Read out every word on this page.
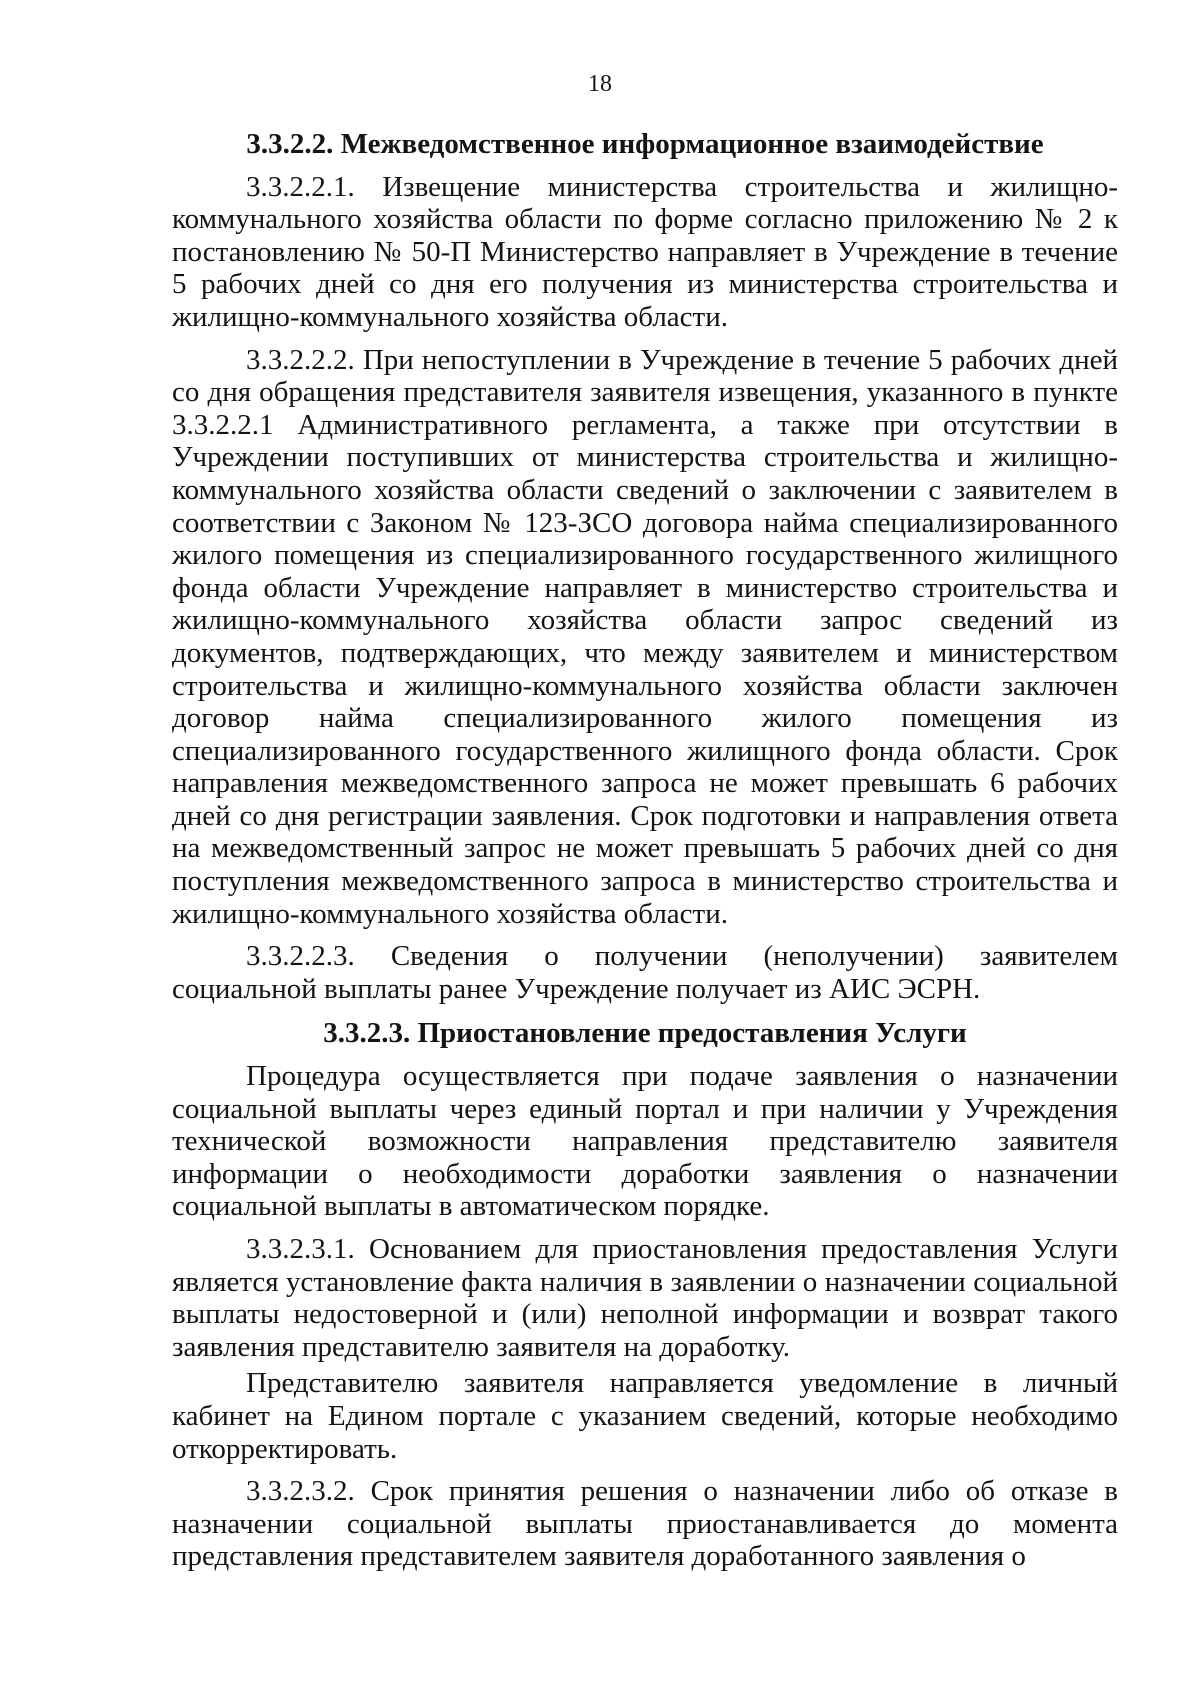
18
3.3.2.2. Межведомственное информационное взаимодействие

3.3.2.2.1. Извещение министерства строительства и жилищно-коммунального хозяйства области по форме согласно приложению № 2 к постановлению № 50-П Министерство направляет в Учреждение в течение 5 рабочих дней со дня его получения из министерства строительства и жилищно-коммунального хозяйства области.

3.3.2.2.2. При непоступлении в Учреждение в течение 5 рабочих дней со дня обращения представителя заявителя извещения, указанного в пункте 3.3.2.2.1 Административного регламента, а также при отсутствии в Учреждении поступивших от министерства строительства и жилищно-коммунального хозяйства области сведений о заключении с заявителем в соответствии с Законом № 123-ЗСО договора найма специализированного жилого помещения из специализированного государственного жилищного фонда области Учреждение направляет в министерство строительства и жилищно-коммунального хозяйства области запрос сведений из документов, подтверждающих, что между заявителем и министерством строительства и жилищно-коммунального хозяйства области заключен договор найма специализированного жилого помещения из специализированного государственного жилищного фонда области. Срок направления межведомственного запроса не может превышать 6 рабочих дней со дня регистрации заявления. Срок подготовки и направления ответа на межведомственный запрос не может превышать 5 рабочих дней со дня поступления межведомственного запроса в министерство строительства и жилищно-коммунального хозяйства области.

3.3.2.2.3. Сведения о получении (неполучении) заявителем социальной выплаты ранее Учреждение получает из АИС ЭСРН.

3.3.2.3. Приостановление предоставления Услуги

Процедура осуществляется при подаче заявления о назначении социальной выплаты через единый портал и при наличии у Учреждения технической возможности направления представителю заявителя информации о необходимости доработки заявления о назначении социальной выплаты в автоматическом порядке.

3.3.2.3.1. Основанием для приостановления предоставления Услуги является установление факта наличия в заявлении о назначении социальной выплаты недостоверной и (или) неполной информации и возврат такого заявления представителю заявителя на доработку.

Представителю заявителя направляется уведомление в личный кабинет на Едином портале с указанием сведений, которые необходимо откорректировать.

3.3.2.3.2. Срок принятия решения о назначении либо об отказе в назначении социальной выплаты приостанавливается до момента представления представителем заявителя доработанного заявления о
